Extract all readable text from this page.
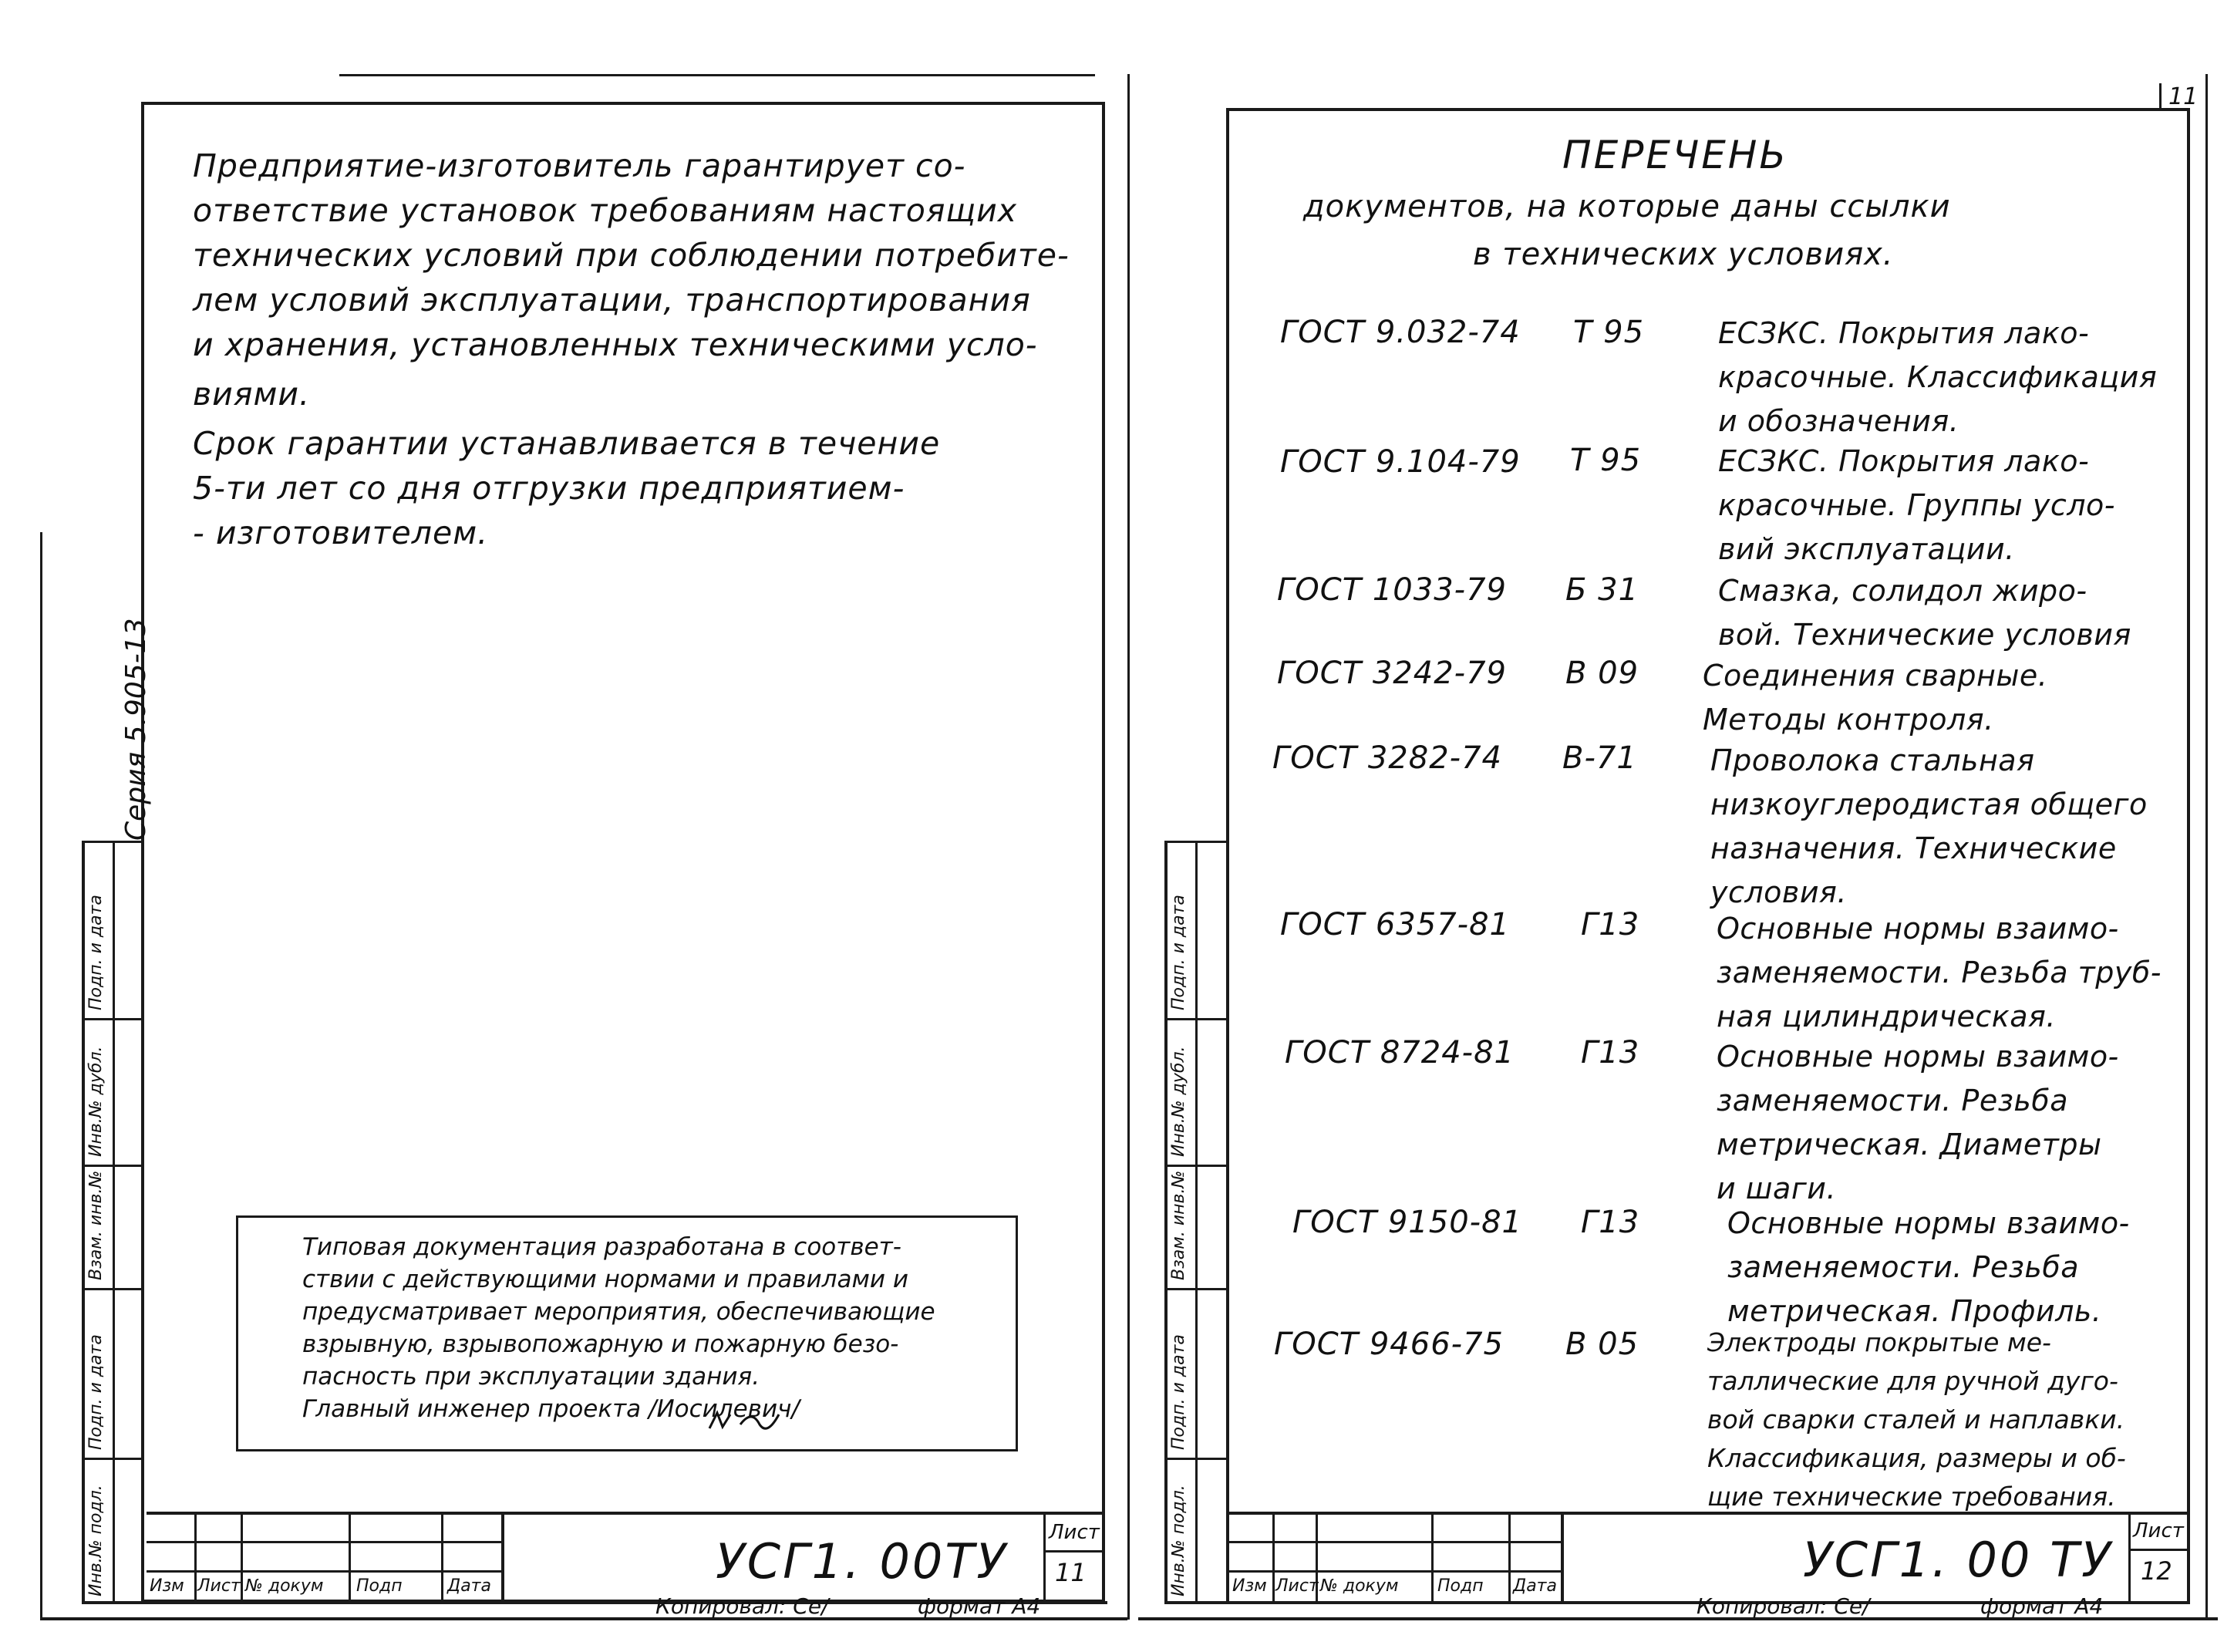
Инв.№ подл.
Подп. и дата
Взам. инв.№
Инв.№ дубл.
Подп. и дата
Серия 5.905-13
Предприятие-изготовитель гарантирует со-
ответствие установок требованиям настоящих
технических условий при соблюдении потребите-
лем условий эксплуатации, транспортирования
и хранения, установленных техническими усло-
виями.
Срок гарантии устанавливается в течение
5-ти лет со дня отгрузки предприятием-
- изготовителем.
Типовая документация разработана в соответ-
ствии с действующими нормами и правилами и
предусматривает мероприятия, обеспечивающие
взрывную, взрывопожарную и пожарную безо-
пасность при эксплуатации здания.
Главный инженер проекта /Иосилевич/
Изм Лист № докум Подп	Дата	УСГ1. 00ТУ
Лист
11
Копировал: Се/	формат А4
11
Инв.№ подл.
Подп. и дата
Взам. инв.№
Инв.№ дубл.
Подп. и дата
ПЕРЕЧЕНЬ
документов, на которые даны ссылки
в технических условиях.
ГОСТ 9.032-74 Т 95	ЕСЗКС. Покрытия лако-
красочные. Классификация
и обозначения.
ГОСТ 9.104-79 Т 95	ЕСЗКС. Покрытия лако-
красочные. Группы усло-
вий эксплуатации.
ГОСТ 1033-79 Б 31	Смазка, солидол жиро-
вой. Технические условия
ГОСТ 3242-79 В 09 Соединения сварные.
Методы контроля.
ГОСТ 3282-74 В-71	Проволока стальная
низкоуглеродистая общего
назначения. Технические
условия.
ГОСТ 6357-81 Г13	Основные нормы взаимо-
заменяемости. Резьба труб-
ная цилиндрическая.
ГОСТ 8724-81 Г13	Основные нормы взаимо-
заменяемости. Резьба
метрическая. Диаметры
и шаги.
ГОСТ 9150-81 Г13	Основные нормы взаимо-
заменяемости. Резьба
метрическая. Профиль.
ГОСТ 9466-75 В 05	Электроды покрытые ме-
таллические для ручной дуго-
вой сварки сталей и наплавки.
Классификация, размеры и об-
щие технические требования.
Изм Лист № докум Подп Дата	УСГ1. 00 ТУ
Лист
12
Копировал: Се/	формат А4
